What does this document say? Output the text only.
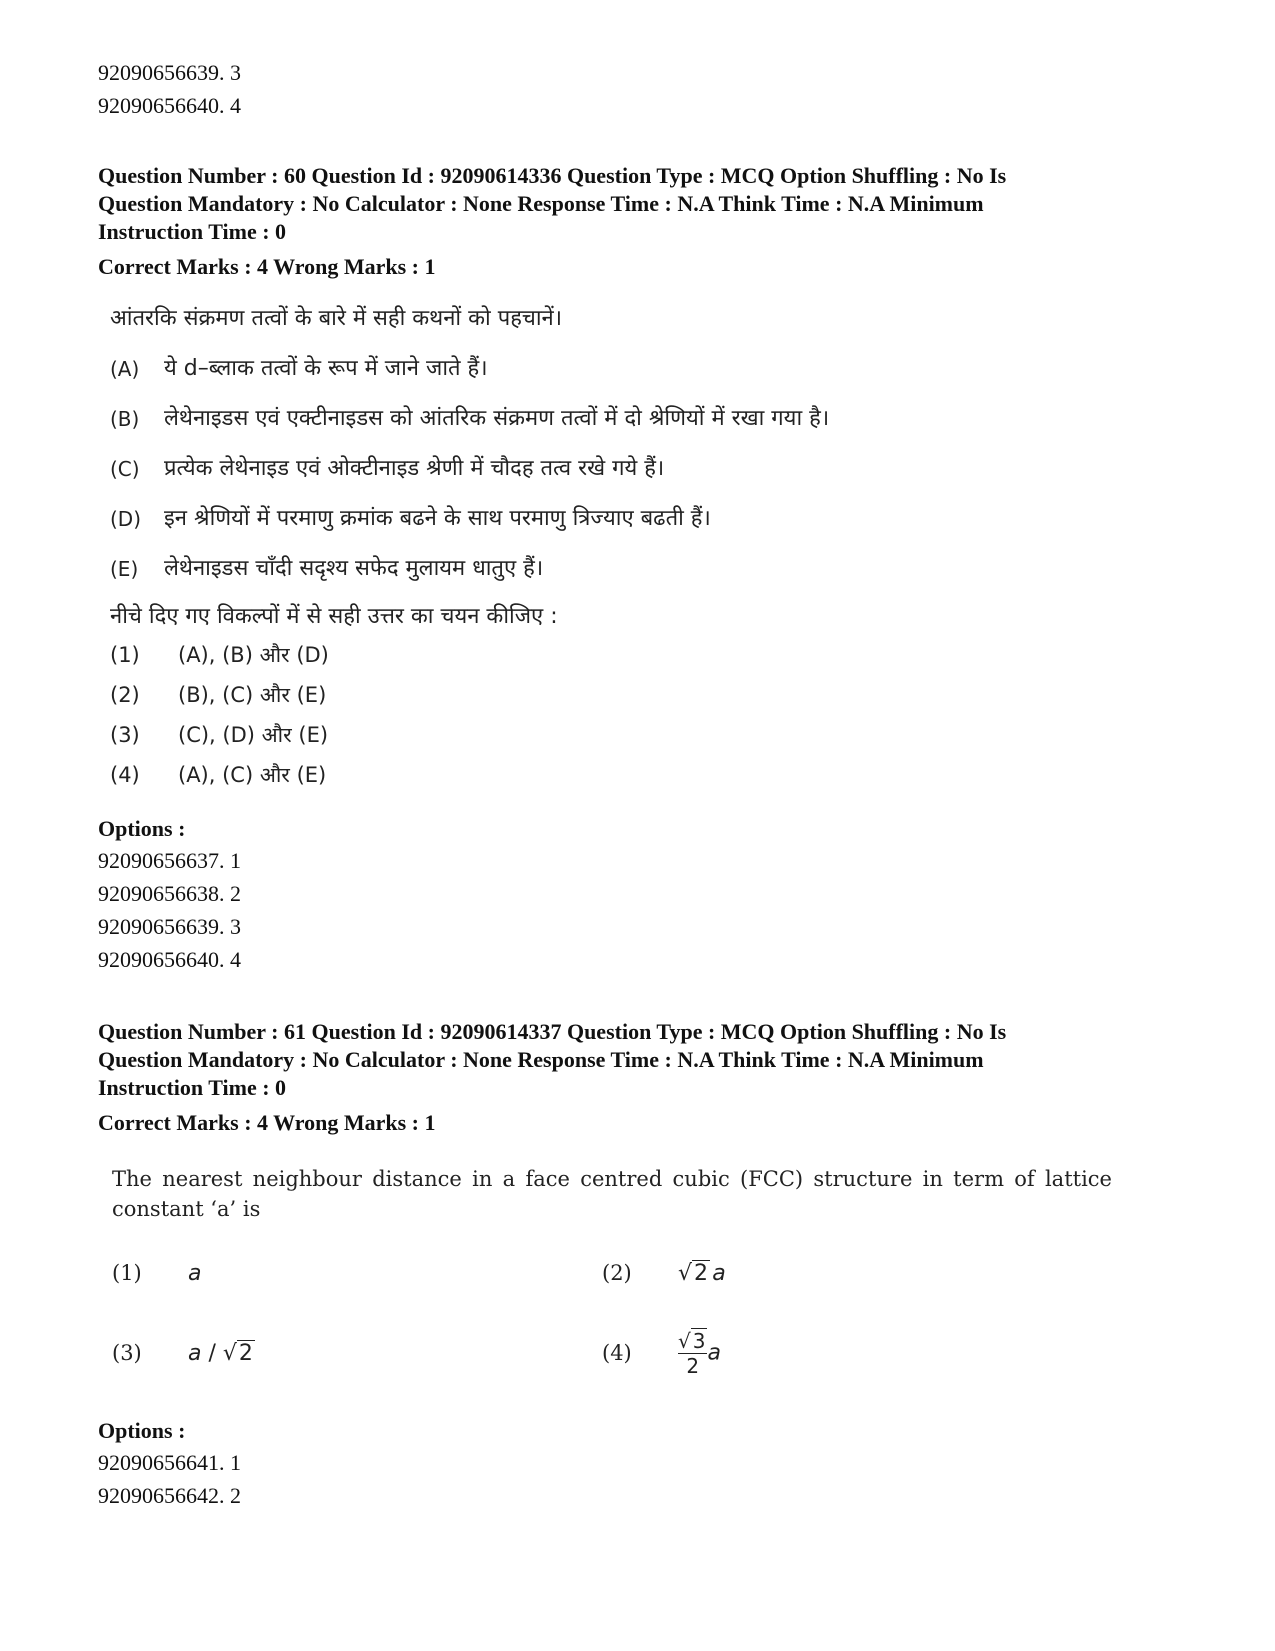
92090656639. 3
92090656640. 4
Question Number : 60 Question Id : 92090614336 Question Type : MCQ Option Shuffling : No Is
Question Mandatory : No Calculator : None Response Time : N.A Think Time : N.A Minimum
Instruction Time : 0
Correct Marks : 4 Wrong Marks : 1
आंतरकि संक्रमण तत्वों के बारे में सही कथनों को पहचानें।
(A)	ये d–ब्लाक तत्वों के रूप में जाने जाते हैं।
(B)	लेथेनाइडस एवं एक्टीनाइडस को आंतरिक संक्रमण तत्वों में दो श्रेणियों में रखा गया है।
(C)	प्रत्येक लेथेनाइड एवं ओक्टीनाइड श्रेणी में चौदह तत्व रखे गये हैं।
(D)	इन श्रेणियों में परमाणु क्रमांक बढने के साथ परमाणु त्रिज्याए बढती हैं।
(E)	लेथेनाइडस चाँदी सदृश्य सफेद मुलायम धातुए हैं।
नीचे दिए गए विकल्पों में से सही उत्तर का चयन कीजिए :
(1)	(A), (B) और (D)
(2)	(B), (C) और (E)
(3)	(C), (D) और (E)
(4)	(A), (C) और (E)
Options :
92090656637. 1
92090656638. 2
92090656639. 3
92090656640. 4
Question Number : 61 Question Id : 92090614337 Question Type : MCQ Option Shuffling : No Is
Question Mandatory : No Calculator : None Response Time : N.A Think Time : N.A Minimum
Instruction Time : 0
Correct Marks : 4 Wrong Marks : 1
The nearest neighbour distance in a face centred cubic (FCC) structure in term of lattice constant ‘a’ is
(1)	a	(2)	√2  a
(3)	a / √2	(4)	$\frac{√ 3}{2}$ a
Options :
92090656641. 1
92090656642. 2
